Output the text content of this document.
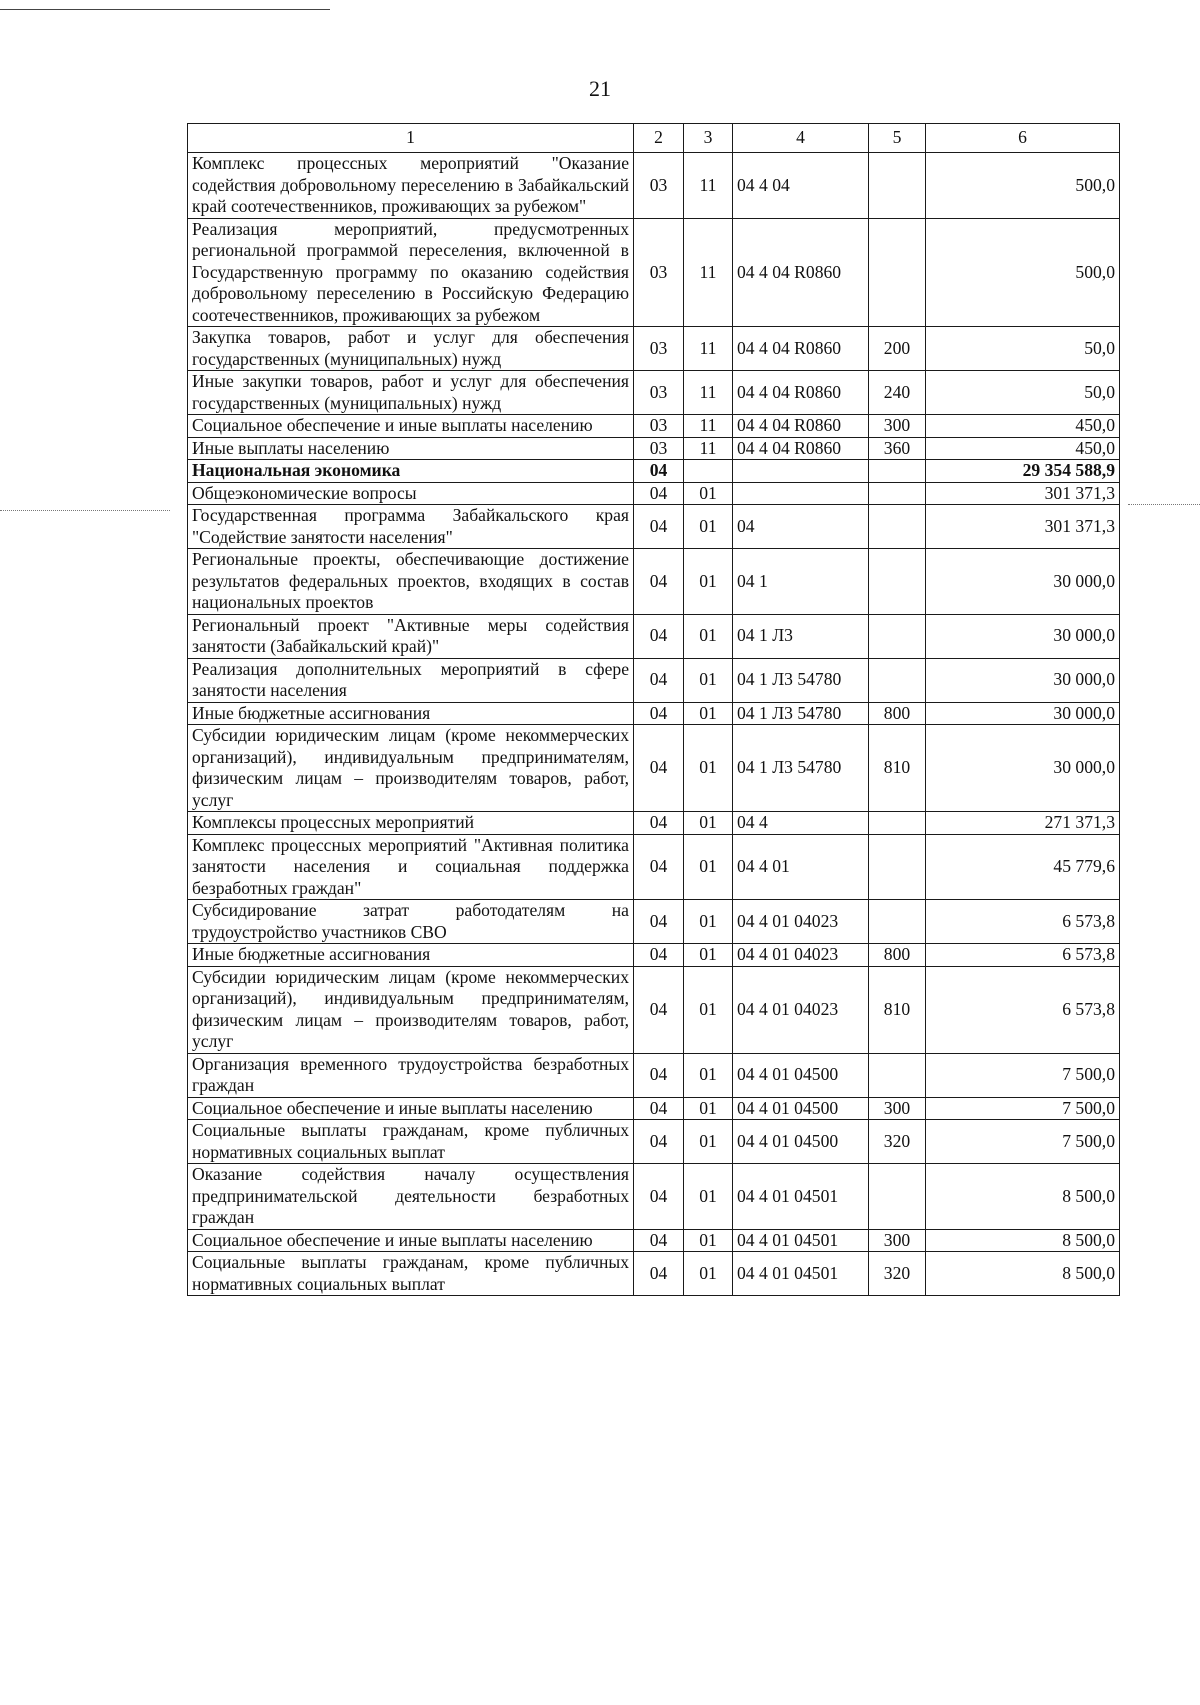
21
1	2	3	4	5	6
Комплекс процессных мероприятий "Оказание содействия добровольному переселению в Забайкальский край соотечественников, проживающих за рубежом"	03	11	04 4 04		500,0
Реализация мероприятий, предусмотренных региональной программой переселения, включенной в Государственную программу по оказанию содействия добровольному переселению в Российскую Федерацию соотечественников, проживающих за рубежом	03	11	04 4 04 R0860		500,0
Закупка товаров, работ и услуг для обеспечения государственных (муниципальных) нужд	03	11	04 4 04 R0860	200	50,0
Иные закупки товаров, работ и услуг для обеспечения государственных (муниципальных) нужд	03	11	04 4 04 R0860	240	50,0
Социальное обеспечение и иные выплаты населению	03	11	04 4 04 R0860	300	450,0
Иные выплаты населению	03	11	04 4 04 R0860	360	450,0
Национальная экономика	04				29 354 588,9
Общеэкономические вопросы	04	01			301 371,3
Государственная программа Забайкальского края "Содействие занятости населения"	04	01	04		301 371,3
Региональные проекты, обеспечивающие достижение результатов федеральных проектов, входящих в состав национальных проектов	04	01	04 1		30 000,0
Региональный проект "Активные меры содействия занятости (Забайкальский край)"	04	01	04 1 Л3		30 000,0
Реализация дополнительных мероприятий в сфере занятости населения	04	01	04 1 Л3 54780		30 000,0
Иные бюджетные ассигнования	04	01	04 1 Л3 54780	800	30 000,0
Субсидии юридическим лицам (кроме некоммерческих организаций), индивидуальным предпринимателям, физическим лицам – производителям товаров, работ, услуг	04	01	04 1 Л3 54780	810	30 000,0
Комплексы процессных мероприятий	04	01	04 4		271 371,3
Комплекс процессных мероприятий "Активная политика занятости населения и социальная поддержка безработных граждан"	04	01	04 4 01		45 779,6
Субсидирование затрат работодателям на трудоустройство участников СВО	04	01	04 4 01 04023		6 573,8
Иные бюджетные ассигнования	04	01	04 4 01 04023	800	6 573,8
Субсидии юридическим лицам (кроме некоммерческих организаций), индивидуальным предпринимателям, физическим лицам – производителям товаров, работ, услуг	04	01	04 4 01 04023	810	6 573,8
Организация временного трудоустройства безработных граждан	04	01	04 4 01 04500		7 500,0
Социальное обеспечение и иные выплаты населению	04	01	04 4 01 04500	300	7 500,0
Социальные выплаты гражданам, кроме публичных нормативных социальных выплат	04	01	04 4 01 04500	320	7 500,0
Оказание содействия началу осуществления предпринимательской деятельности безработных граждан	04	01	04 4 01 04501		8 500,0
Социальное обеспечение и иные выплаты населению	04	01	04 4 01 04501	300	8 500,0
Социальные выплаты гражданам, кроме публичных нормативных социальных выплат	04	01	04 4 01 04501	320	8 500,0
